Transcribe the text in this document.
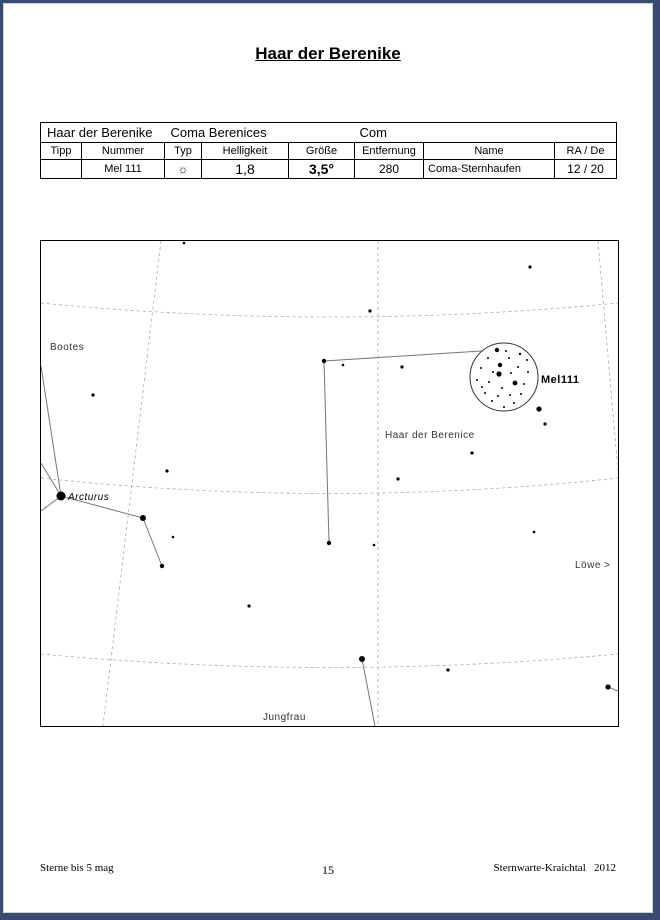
Haar der Berenike
Haar der Berenike		Coma Berenices			Com		
Tipp	Nummer	Typ	Helligkeit	Größe	Entfernung	Name	RA / De
	Mel 111	☼	1,8	3,5°	280	Coma-Sternhaufen	12 / 20
Bootes
Arcturus
Haar der Berenice
Mel111
Löwe >
Jungfrau
Sterne bis 5 mag	15	Sternwarte-Kraichtal   2012
